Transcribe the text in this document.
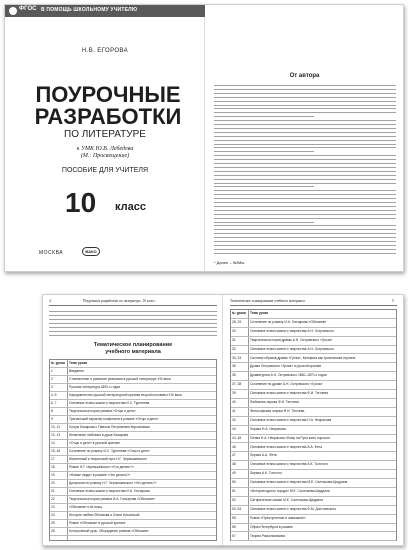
ФГОС В ПОМОЩЬ ШКОЛЬНОМУ УЧИТЕЛЮ
Н.В. ЕГОРОВА
ПОУРОЧНЫЕ
РАЗРАБОТКИ
ПО ЛИТЕРАТУРЕ
к УМК Ю.В. Лебедева
(М.: Просвещение)
ПОСОБИЕ ДЛЯ УЧИТЕЛЯ
10 класс
МОСКВА	ВАКО
От автора
* Далее – КИМы.
4	Поурочные разработки по литературе. 10 класс
Тематическое планирование
учебного материала
№ урока Тема урока
1	Введение
2	Становление и развитие реализма в русской литературе XIX века
3	Русская литература 1850-х годов
4, 5	Народничество русской литературной критики второй половины XIX века
6, 7	Основные этапы жизни и творчества И.С. Тургенева
8	Творческая история романа «Отцы и дети»
9	Трагический характер конфликта в романе «Отцы и дети»
10, 11	Споры Базарова с Павлом Петровичем Кирсановым
12, 13	Испытание любовью в душе Базарова
14	«Отцы и дети» в русской критике
15, 16	Сочинение по роману И.С. Тургенева «Отцы и дети»
17	Жизненный и творческий путь Н.Г. Чернышевского
18	Роман Н.Г. Чернышевского «Что делать?»
19	«Новые люди» в романе «Что делать?»
20	Дискуссия по роману Н.Г. Чернышевского «Что делать?»
21	Основные этапы жизни и творчества И.А. Гончарова
22	Творческая история романа И.А. Гончарова «Обломов»
23	«Обломов» и Штольц
24	История любви Обломова и Ольги Ильинской
25	Роман «Обломов» в русской критике
26	Контрольный урок. Обсуждение романа «Обломов»
Тематическое планирование учебного материала	5
№ урока Тема урока
28, 29	Сочинение по роману И.А. Гончарова «Обломов»
30	Основные этапы жизни и творчества А.Н. Островского
31	Творческая история драмы А.Н. Островского «Гроза»
32	Основные этапы жизни и творчества А.Н. Островского
33, 34	Система образов драмы «Гроза». Катерина как трагическая героиня
35	Драма Островского «Гроза» в русской критике
36	Драматургия А.Н. Островского 1860–1870-х годов
37, 38	Сочинение по драме А.Н. Островского «Гроза»
39	Основные этапы жизни и творчества Ф.И. Тютчева
40	Любовная лирика Ф.И. Тютчева
41	Философская лирика Ф.И. Тютчева
42	Основные этапы жизни и творчества Н.А. Некрасова
43	Лирика Н.А. Некрасова
44, 45	Поэма Н.А. Некрасова «Кому на Руси жить хорошо»
46	Основные этапы жизни и творчества А.А. Фета
47	Лирика А.А. Фета
48	Основные этапы жизни и творчества А.К. Толстого
49	Лирика А.К. Толстого
50	Основные этапы жизни и творчества М.Е. Салтыкова-Щедрина
51	«История одного города» М.Е. Салтыкова-Щедрина
52	Сатирические сказки М.Е. Салтыкова-Щедрина
53, 54	Основные этапы жизни и творчества Ф.М. Достоевского
55	Роман «Преступление и наказание»
56	Образ Петербурга в романе
57	Теория Раскольникова
